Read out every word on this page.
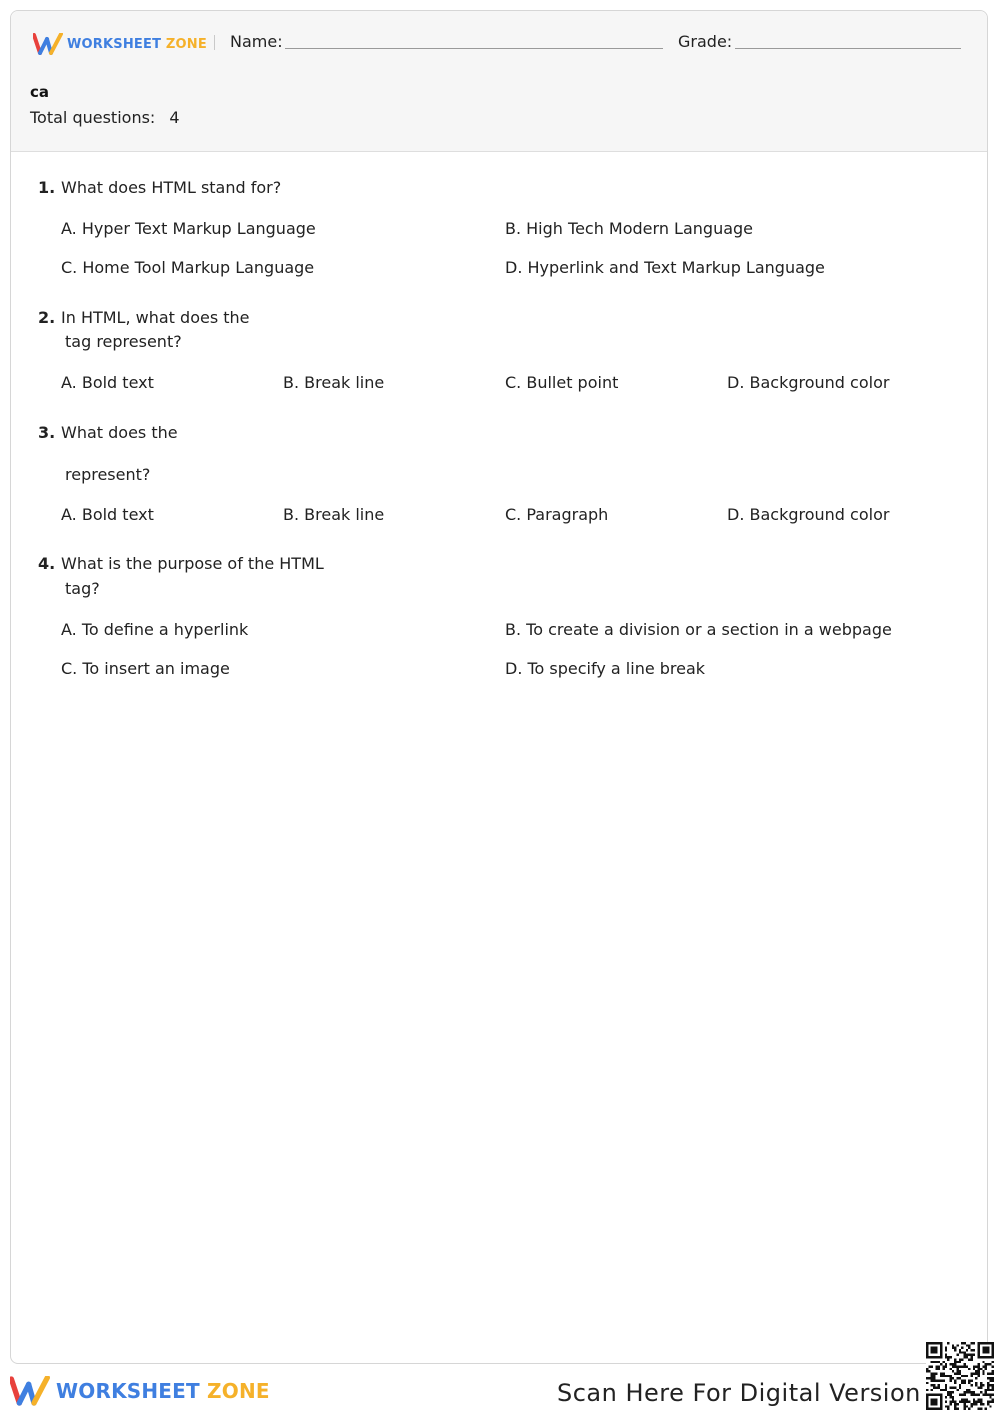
WORKSHEET ZONE Name:	Grade:
ca
Total questions: 4
1. What does HTML stand for?
A. Hyper Text Markup Language	B. High Tech Modern Language
C. Home Tool Markup Language	D. Hyperlink and Text Markup Language
2. In HTML, what does the
tag represent?
A. Bold text	B. Break line	C. Bullet point	D. Background color
3. What does the
represent?
A. Bold text	B. Break line	C. Paragraph	D. Background color
4. What is the purpose of the HTML
tag?
A. To define a hyperlink	B. To create a division or a section in a webpage
C. To insert an image	D. To specify a line break
WORKSHEET ZONE	Scan Here For Digital Version
